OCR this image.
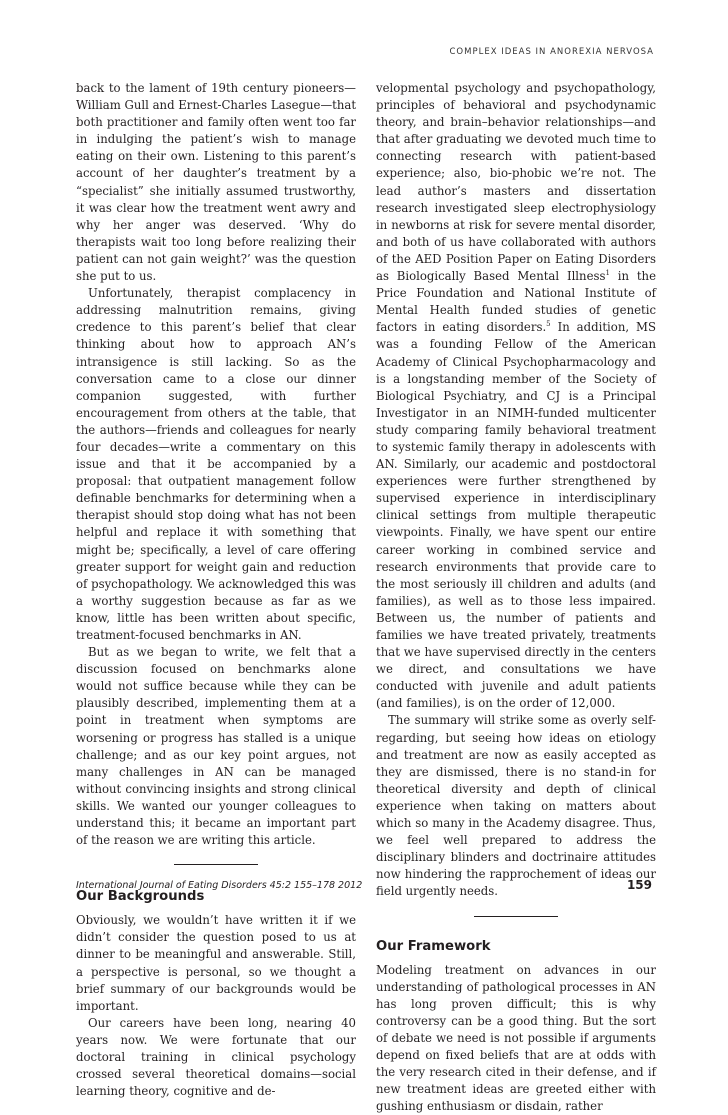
COMPLEX IDEAS IN ANOREXIA NERVOSA

back to the lament of 19th century pioneers—William Gull and Ernest-Charles Lasegue—that both practitioner and family often went too far in indulging the patient’s wish to manage eating on their own. Listening to this parent’s account of her daughter’s treatment by a “specialist” she initially assumed trustworthy, it was clear how the treatment went awry and why her anger was deserved. ‘Why do therapists wait too long before realizing their patient can not gain weight?’ was the question she put to us.

Unfortunately, therapist complacency in addressing malnutrition remains, giving credence to this parent’s belief that clear thinking about how to approach AN’s intransigence is still lacking. So as the conversation came to a close our dinner companion suggested, with further encouragement from others at the table, that the authors—friends and colleagues for nearly four decades—write a commentary on this issue and that it be accompanied by a proposal: that outpatient management follow definable benchmarks for determining when a therapist should stop doing what has not been helpful and replace it with something that might be; specifically, a level of care offering greater support for weight gain and reduction of psychopathology. We acknowledged this was a worthy suggestion because as far as we know, little has been written about specific, treatment-focused benchmarks in AN.

But as we began to write, we felt that a discussion focused on benchmarks alone would not suffice because while they can be plausibly described, implementing them at a point in treatment when symptoms are worsening or progress has stalled is a unique challenge; and as our key point argues, not many challenges in AN can be managed without convincing insights and strong clinical skills. We wanted our younger colleagues to understand this; it became an important part of the reason we are writing this article.

Our Backgrounds

Obviously, we wouldn’t have written it if we didn’t consider the question posed to us at dinner to be meaningful and answerable. Still, a perspective is personal, so we thought a brief summary of our backgrounds would be important.

Our careers have been long, nearing 40 years now. We were fortunate that our doctoral training in clinical psychology crossed several theoretical domains—social learning theory, cognitive and de-

velopmental psychology and psychopathology, principles of behavioral and psychodynamic theory, and brain–behavior relationships—and that after graduating we devoted much time to connecting research with patient-based experience; also, bio-phobic we’re not. The lead author’s masters and dissertation research investigated sleep electrophysiology in newborns at risk for severe mental disorder, and both of us have collaborated with authors of the AED Position Paper on Eating Disorders as Biologically Based Mental Illness$^1$ in the Price Foundation and National Institute of Mental Health funded studies of genetic factors in eating disorders.$^5$ In addition, MS was a founding Fellow of the American Academy of Clinical Psychopharmacology and is a longstanding member of the Society of Biological Psychiatry, and CJ is a Principal Investigator in an NIMH-funded multicenter study comparing family behavioral treatment to systemic family therapy in adolescents with AN. Similarly, our academic and postdoctoral experiences were further strengthened by supervised experience in interdisciplinary clinical settings from multiple therapeutic viewpoints. Finally, we have spent our entire career working in combined service and research environments that provide care to the most seriously ill children and adults (and families), as well as to those less impaired. Between us, the number of patients and families we have treated privately, treatments that we have supervised directly in the centers we direct, and consultations we have conducted with juvenile and adult patients (and families), is on the order of 12,000.

The summary will strike some as overly self-regarding, but seeing how ideas on etiology and treatment are now as easily accepted as they are dismissed, there is no stand-in for theoretical diversity and depth of clinical experience when taking on matters about which so many in the Academy disagree. Thus, we feel well prepared to address the disciplinary blinders and doctrinaire attitudes now hindering the rapprochement of ideas our field urgently needs.

Our Framework

Modeling treatment on advances in our understanding of pathological processes in AN has long proven difficult; this is why controversy can be a good thing. But the sort of debate we need is not possible if arguments depend on fixed beliefs that are at odds with the very research cited in their defense, and if new treatment ideas are greeted either with gushing enthusiasm or disdain, rather

International Journal of Eating Disorders 45:2 155–178 2012	159
